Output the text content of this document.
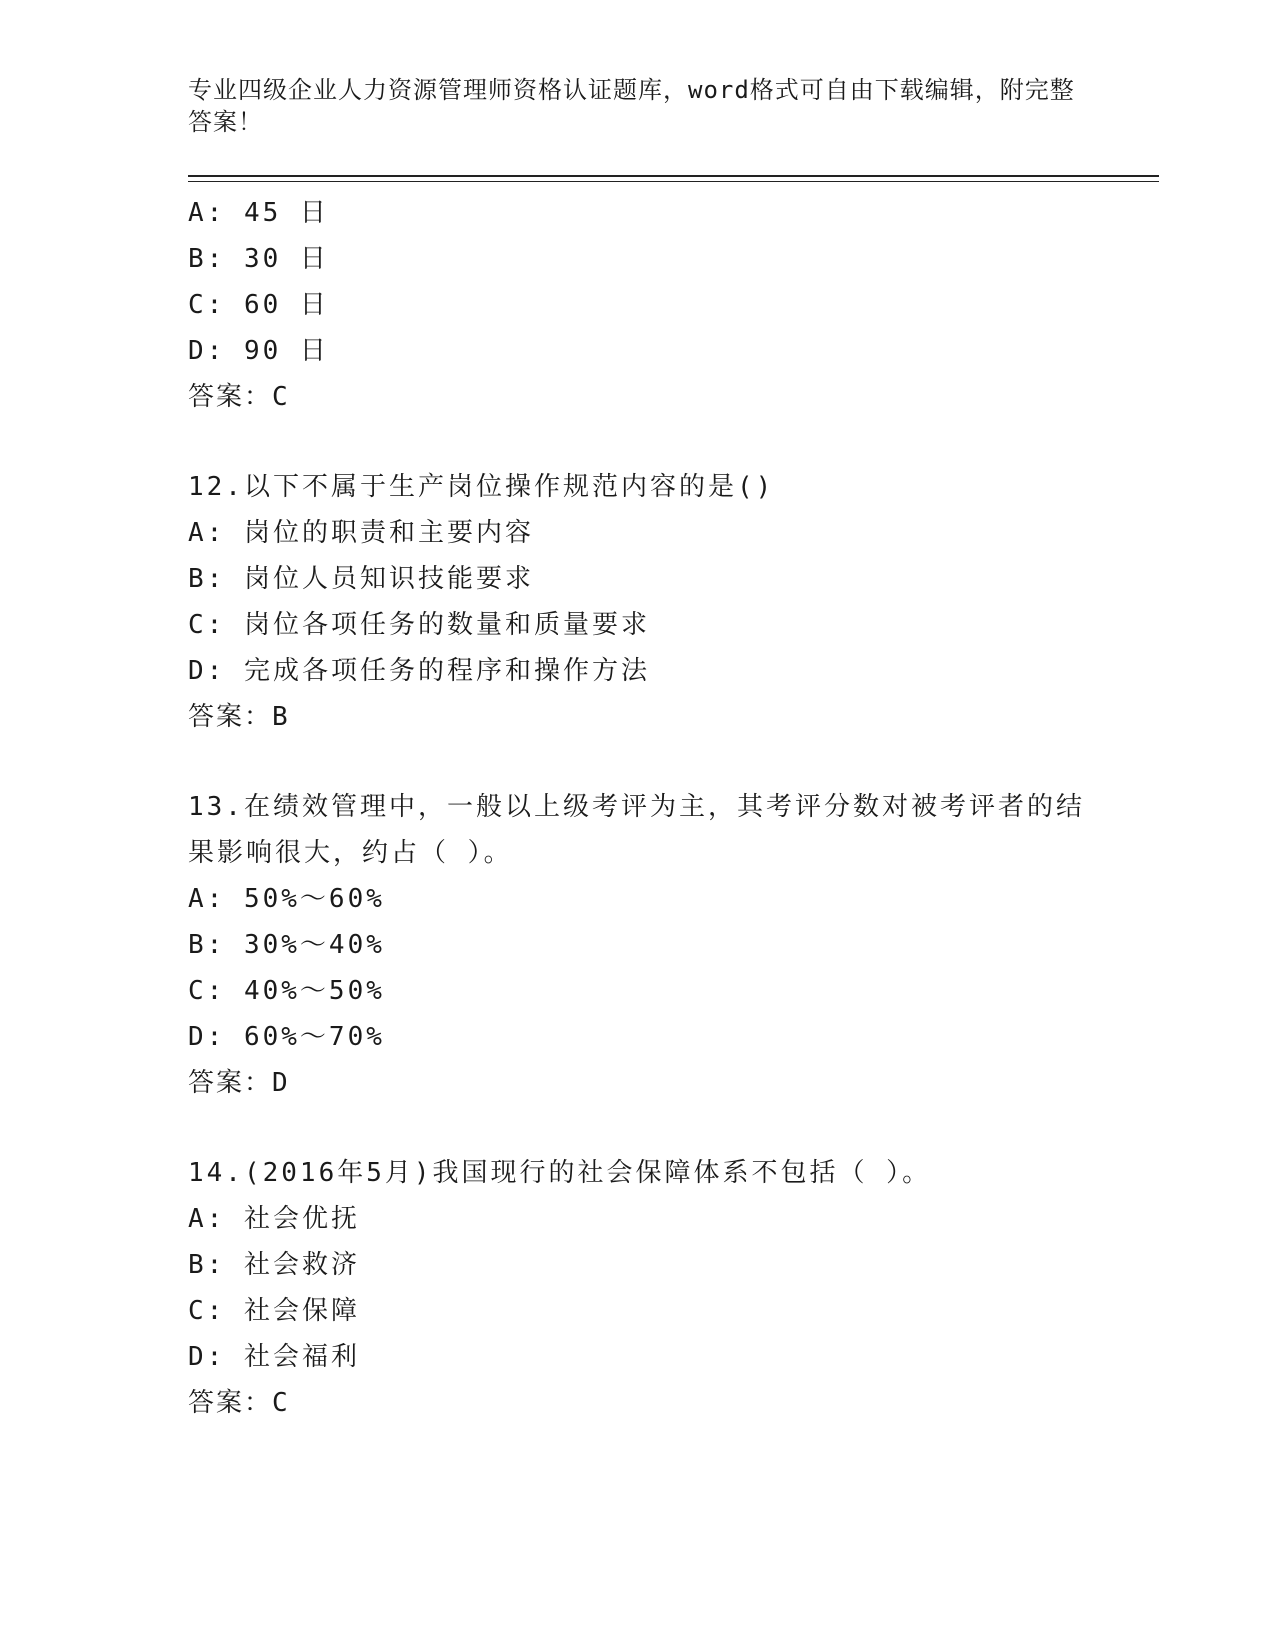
专业四级企业人力资源管理师资格认证题库，word格式可自由下载编辑，附完整
答案！
A: 45 日
B: 30 日
C: 60 日
D: 90 日
答案：C
12.以下不属于生产岗位操作规范内容的是()
A: 岗位的职责和主要内容
B: 岗位人员知识技能要求
C: 岗位各项任务的数量和质量要求
D: 完成各项任务的程序和操作方法
答案：B
13.在绩效管理中，一般以上级考评为主，其考评分数对被考评者的结
果影响很大，约占（ ）。
A: 50%～60%
B: 30%～40%
C: 40%～50%
D: 60%～70%
答案：D
14.(2016年5月)我国现行的社会保障体系不包括（ ）。
A: 社会优抚
B: 社会救济
C: 社会保障
D: 社会福利
答案：C
